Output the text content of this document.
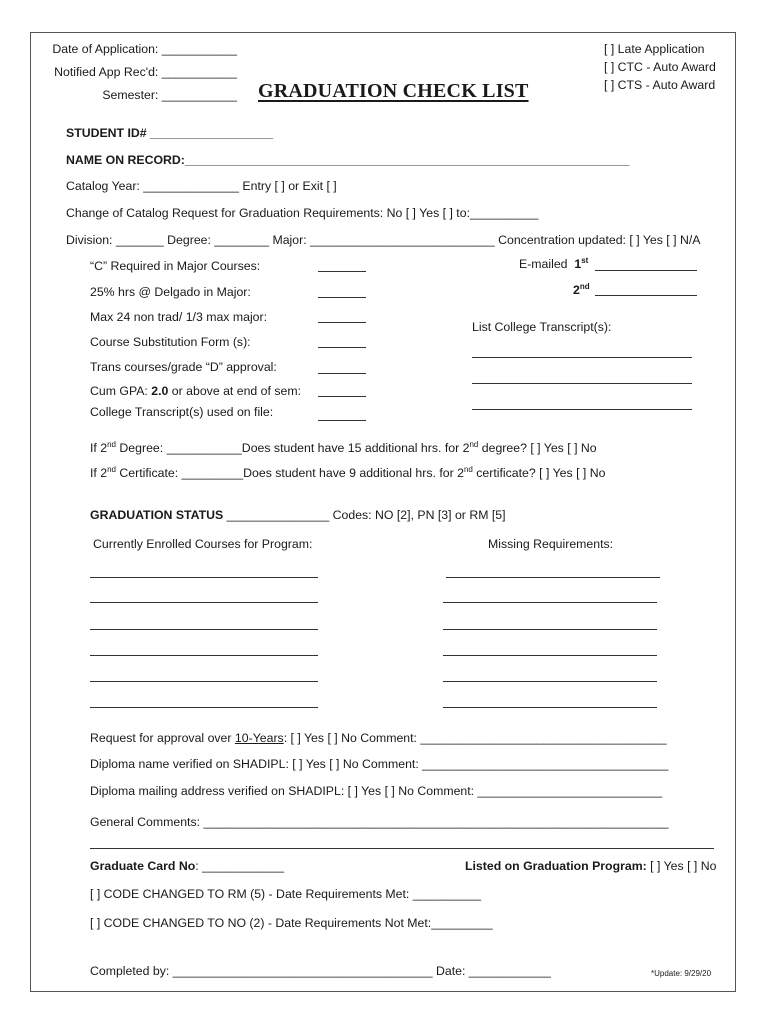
Date of Application: ___________
Notified App Rec'd: ___________
Semester: ___________ GRADUATION CHECK LIST
[ ] Late Application
[ ] CTC - Auto Award
[ ] CTS - Auto Award
STUDENT ID# __________________
NAME ON RECORD:_________________________________________________________________
Catalog Year: ______________ Entry [ ] or Exit [ ]
Change of Catalog Request for Graduation Requirements: No [ ] Yes [ ] to:__________
Division: _______ Degree: ________ Major: ___________________________ Concentration updated: [ ] Yes [ ] N/A
“C” Required in Major Courses:
25% hrs @ Delgado in Major:
Max 24 non trad/ 1/3 max major:
Course Substitution Form (s):
Trans courses/grade “D” approval:
Cum GPA: 2.0 or above at end of sem:
College Transcript(s) used on file:
E-mailed 1st
2nd
List College Transcript(s):
If 2nd Degree: ___________Does student have 15 additional hrs. for 2nd degree? [ ] Yes [ ] No
If 2nd Certificate: _________Does student have 9 additional hrs. for 2nd certificate? [ ] Yes [ ] No
GRADUATION STATUS _______________ Codes: NO [2], PN [3] or RM [5]
Currently Enrolled Courses for Program:	Missing Requirements:
Request for approval over 10-Years: [ ] Yes [ ] No Comment: ____________________________________
Diploma name verified on SHADIPL: [ ] Yes [ ] No Comment: ____________________________________
Diploma mailing address verified on SHADIPL: [ ] Yes [ ] No Comment: ___________________________
General Comments: ____________________________________________________________________
Graduate Card No: ____________	Listed on Graduation Program: [ ] Yes [ ] No
[ ] CODE CHANGED TO RM (5) - Date Requirements Met: __________
[ ] CODE CHANGED TO NO (2) - Date Requirements Not Met:_________
Completed by: ______________________________________ Date: ____________	*Update: 9/29/20
